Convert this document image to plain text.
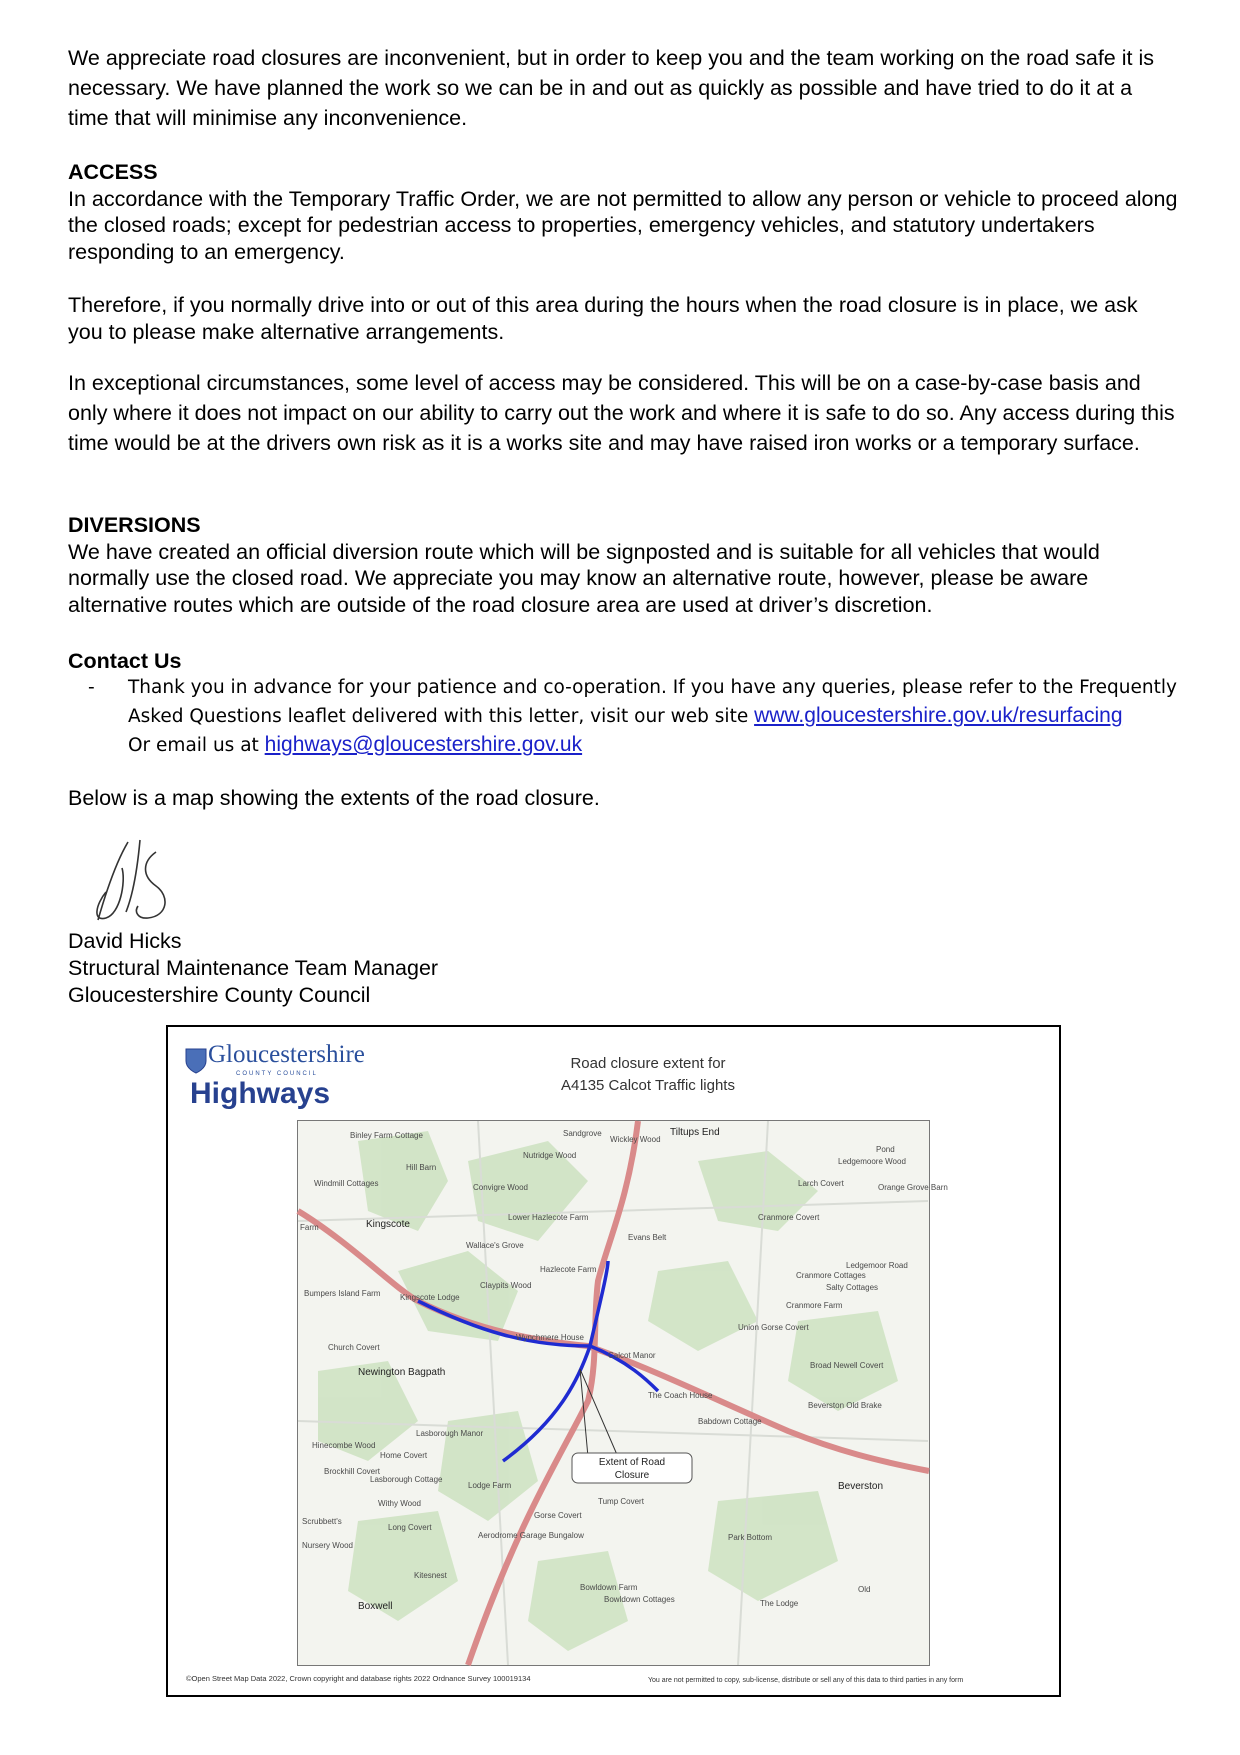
We appreciate road closures are inconvenient, but in order to keep you and the team working on the road safe it is necessary. We have planned the work so we can be in and out as quickly as possible and have tried to do it at a time that will minimise any inconvenience.

ACCESS
In accordance with the Temporary Traffic Order, we are not permitted to allow any person or vehicle to proceed along the closed roads; except for pedestrian access to properties, emergency vehicles, and statutory undertakers responding to an emergency.

Therefore, if you normally drive into or out of this area during the hours when the road closure is in place, we ask you to please make alternative arrangements.

In exceptional circumstances, some level of access may be considered. This will be on a case-by-case basis and only where it does not impact on our ability to carry out the work and where it is safe to do so. Any access during this time would be at the drivers own risk as it is a works site and may have raised iron works or a temporary surface.

DIVERSIONS
We have created an official diversion route which will be signposted and is suitable for all vehicles that would normally use the closed road. We appreciate you may know an alternative route, however, please be aware alternative routes which are outside of the road closure area are used at driver’s discretion.
Contact Us
- Thank you in advance for your patience and co-operation. If you have any queries, please refer to the Frequently Asked Questions leaflet delivered with this letter, visit our web site www.gloucestershire.gov.uk/resurfacing
Or email us at highways@gloucestershire.gov.uk

Below is a map showing the extents of the road closure.

David Hicks
Structural Maintenance Team Manager
Gloucestershire County Council
Gloucestershire
COUNTY COUNCIL
Highways
Road closure extent for
A4135 Calcot Traffic lights
Extent of Road
Closure
Binley Farm Cottage
Hill Barn
Sandgrove
Wickley Wood
Tiltups End
Nutridge Wood
Ledgemoore Wood
Pond
Windmill Cottages	Convigre Wood	Larch Covert	Orange Grove Barn
Kingscote
Lower Hazlecote Farm	Cranmore Covert
Farm
Wallace's Grove
Evans Belt
Ledgemoor Road
Hazlecote Farm
Cranmore Cottages
Salty Cottages
Bumpers Island Farm Kingscote Lodge
Claypits Wood
Cranmore Farm
Union Gorse Covert
Church Covert
Wynchmere House
Calcot Manor
Broad Newell Covert
Newington Bagpath
The Coach House
Beverston Old Brake
Babdown Cottage
Lasborough Manor
Hinecombe Wood
Home Covert
Brockhill Covert
Lasborough Cottage
Lodge Farm	Beverston
Withy Wood	Tump Covert
Scrubbett's
Long Covert
Gorse Covert
Aerodrome Garage Bungalow
Nursery Wood
Park Bottom
Kitesnest
Bowldown Farm
Boxwell
Bowldown Cottages	The Lodge
Old
©Open Street Map Data 2022, Crown copyright and database rights 2022 Ordnance Survey 100019134	You are not permitted to copy, sub-license, distribute or sell any of this data to third parties in any form
